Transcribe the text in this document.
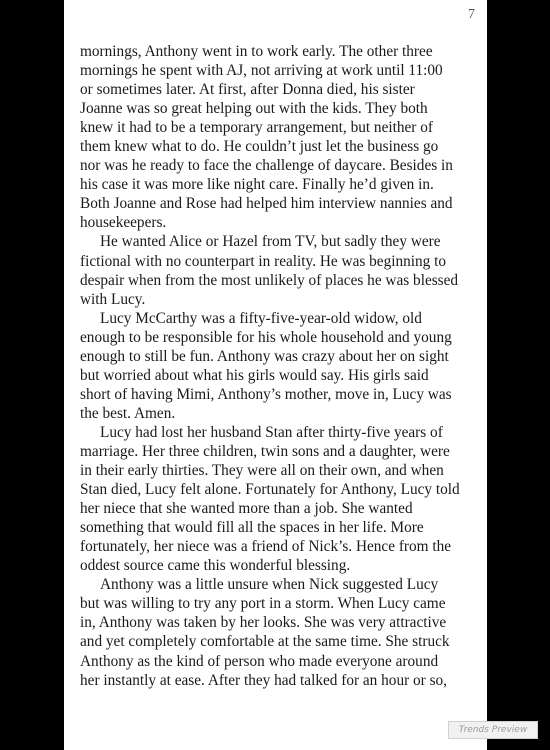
7
mornings, Anthony went in to work early. The other three
mornings he spent with AJ, not arriving at work until 11:00
or sometimes later. At first, after Donna died, his sister
Joanne was so great helping out with the kids. They both
knew it had to be a temporary arrangement, but neither of
them knew what to do. He couldn’t just let the business go
nor was he ready to face the challenge of daycare. Besides in
his case it was more like night care. Finally he’d given in.
Both Joanne and Rose had helped him interview nannies and
housekeepers.
He wanted Alice or Hazel from TV, but sadly they were
fictional with no counterpart in reality. He was beginning to
despair when from the most unlikely of places he was blessed
with Lucy.
Lucy McCarthy was a fifty-five-year-old widow, old
enough to be responsible for his whole household and young
enough to still be fun. Anthony was crazy about her on sight
but worried about what his girls would say. His girls said
short of having Mimi, Anthony’s mother, move in, Lucy was
the best. Amen.
Lucy had lost her husband Stan after thirty-five years of
marriage. Her three children, twin sons and a daughter, were
in their early thirties. They were all on their own, and when
Stan died, Lucy felt alone. Fortunately for Anthony, Lucy told
her niece that she wanted more than a job. She wanted
something that would fill all the spaces in her life. More
fortunately, her niece was a friend of Nick’s. Hence from the
oddest source came this wonderful blessing.
Anthony was a little unsure when Nick suggested Lucy
but was willing to try any port in a storm. When Lucy came
in, Anthony was taken by her looks. She was very attractive
and yet completely comfortable at the same time. She struck
Anthony as the kind of person who made everyone around
her instantly at ease. After they had talked for an hour or so,
Trends Preview
